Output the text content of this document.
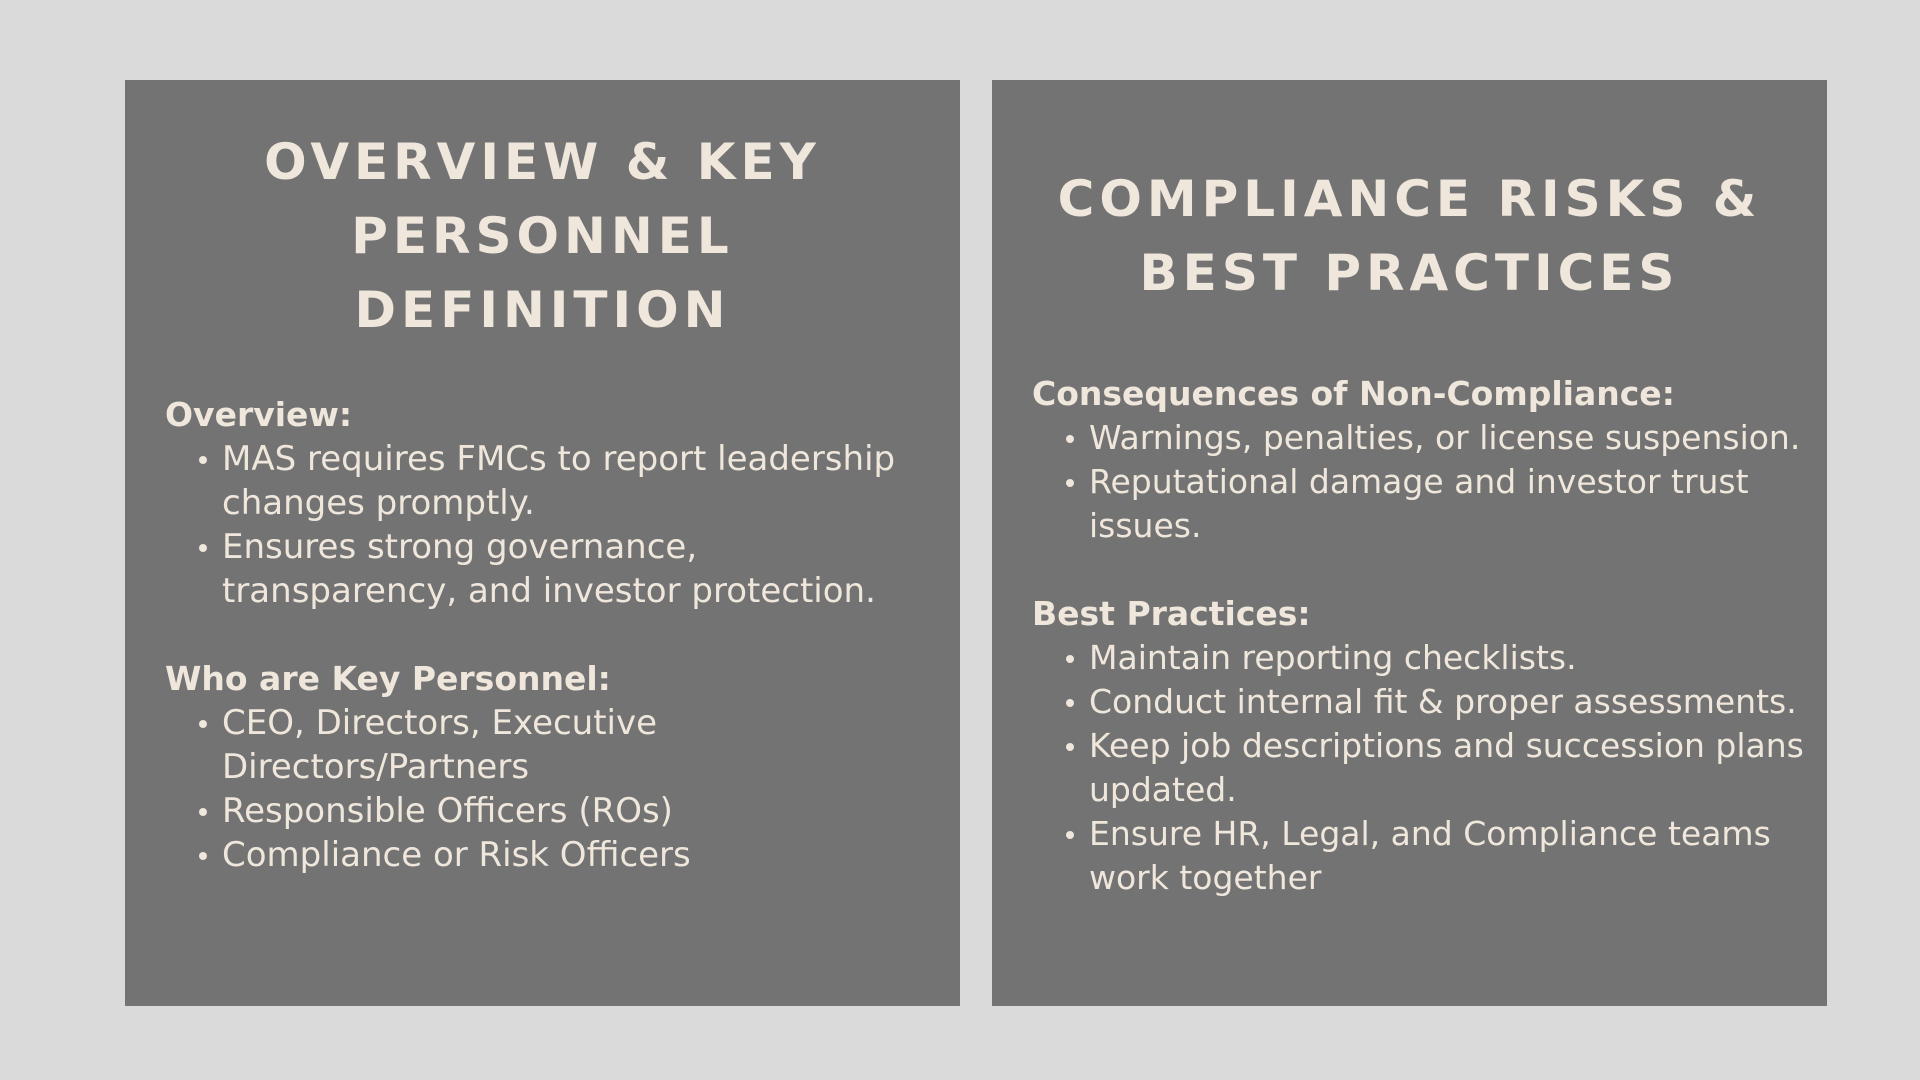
OVERVIEW & KEY PERSONNEL DEFINITION
Overview:
MAS requires FMCs to report leadership changes promptly.
Ensures strong governance, transparency, and investor protection.
Who are Key Personnel:
CEO, Directors, Executive Directors/Partners
Responsible Officers (ROs)
Compliance or Risk Officers
COMPLIANCE RISKS & BEST PRACTICES
Consequences of Non-Compliance:
Warnings, penalties, or license suspension.
Reputational damage and investor trust issues.
Best Practices:
Maintain reporting checklists.
Conduct internal fit & proper assessments.
Keep job descriptions and succession plans updated.
Ensure HR, Legal, and Compliance teams work together
